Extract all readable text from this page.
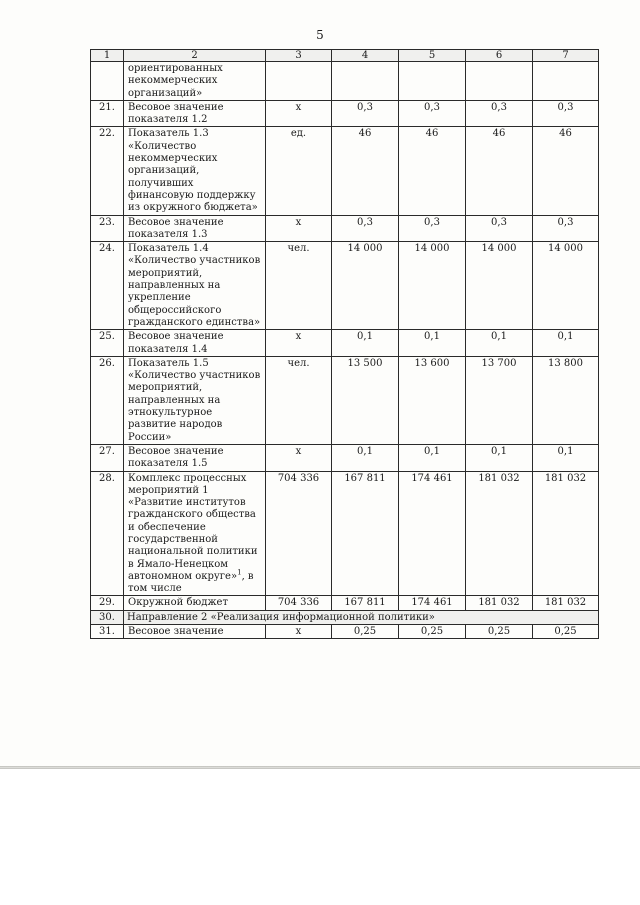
5
1	2	3	4	5	6	7
	ориентированных некоммерческих организаций»					
21.	Весовое значение показателя 1.2	х	0,3	0,3	0,3	0,3
22.	Показатель 1.3 «Количество некоммерческих организаций, получивших финансовую поддержку из окружного бюджета»	ед.	46	46	46	46
23.	Весовое значение показателя 1.3	х	0,3	0,3	0,3	0,3
24.	Показатель 1.4 «Количество участников мероприятий, направленных на укрепление общероссийского гражданского единства»	чел.	14 000	14 000	14 000	14 000
25.	Весовое значение показателя 1.4	х	0,1	0,1	0,1	0,1
26.	Показатель 1.5 «Количество участников мероприятий, направленных на этнокультурное развитие народов России»	чел.	13 500	13 600	13 700	13 800
27.	Весовое значение показателя 1.5	х	0,1	0,1	0,1	0,1
28.	Комплекс процессных мероприятий 1 «Развитие институтов гражданского общества и обеспечение государственной национальной политики в Ямало-Ненецком автономном округе»$^1$, в том числе	704 336	167 811	174 461	181 032	181 032
29.	Окружной бюджет	704 336	167 811	174 461	181 032	181 032
30.	Направление 2 «Реализация информационной политики»					
31.	Весовое значение	х	0,25	0,25	0,25	0,25
